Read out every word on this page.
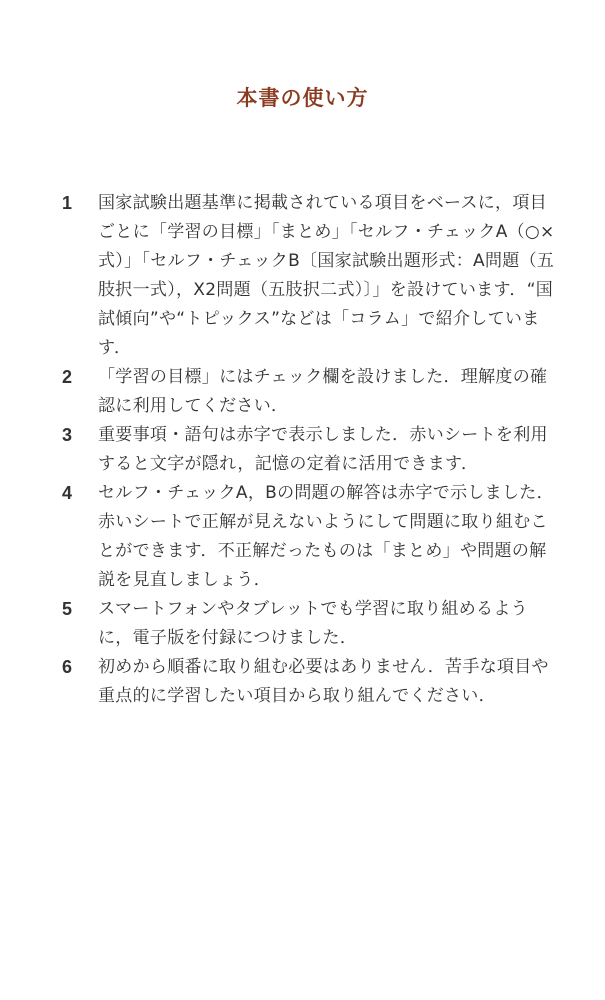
本書の使い方
1	国家試験出題基準に掲載されている項目をベースに，項目ごとに「学習の目標」「まとめ」「セルフ・チェックA（○×式）」「セルフ・チェックB〔国家試験出題形式：A問題（五肢択一式），X2問題（五肢択二式）〕」を設けています．“国試傾向”や“トピックス”などは「コラム」で紹介しています．
2	「学習の目標」にはチェック欄を設けました．理解度の確認に利用してください．
3	重要事項・語句は赤字で表示しました．赤いシートを利用すると文字が隠れ，記憶の定着に活用できます．
4	セルフ・チェックA，Bの問題の解答は赤字で示しました．赤いシートで正解が見えないようにして問題に取り組むことができます．不正解だったものは「まとめ」や問題の解説を見直しましょう．
5	スマートフォンやタブレットでも学習に取り組めるように，電子版を付録につけました．
6	初めから順番に取り組む必要はありません．苦手な項目や重点的に学習したい項目から取り組んでください．
